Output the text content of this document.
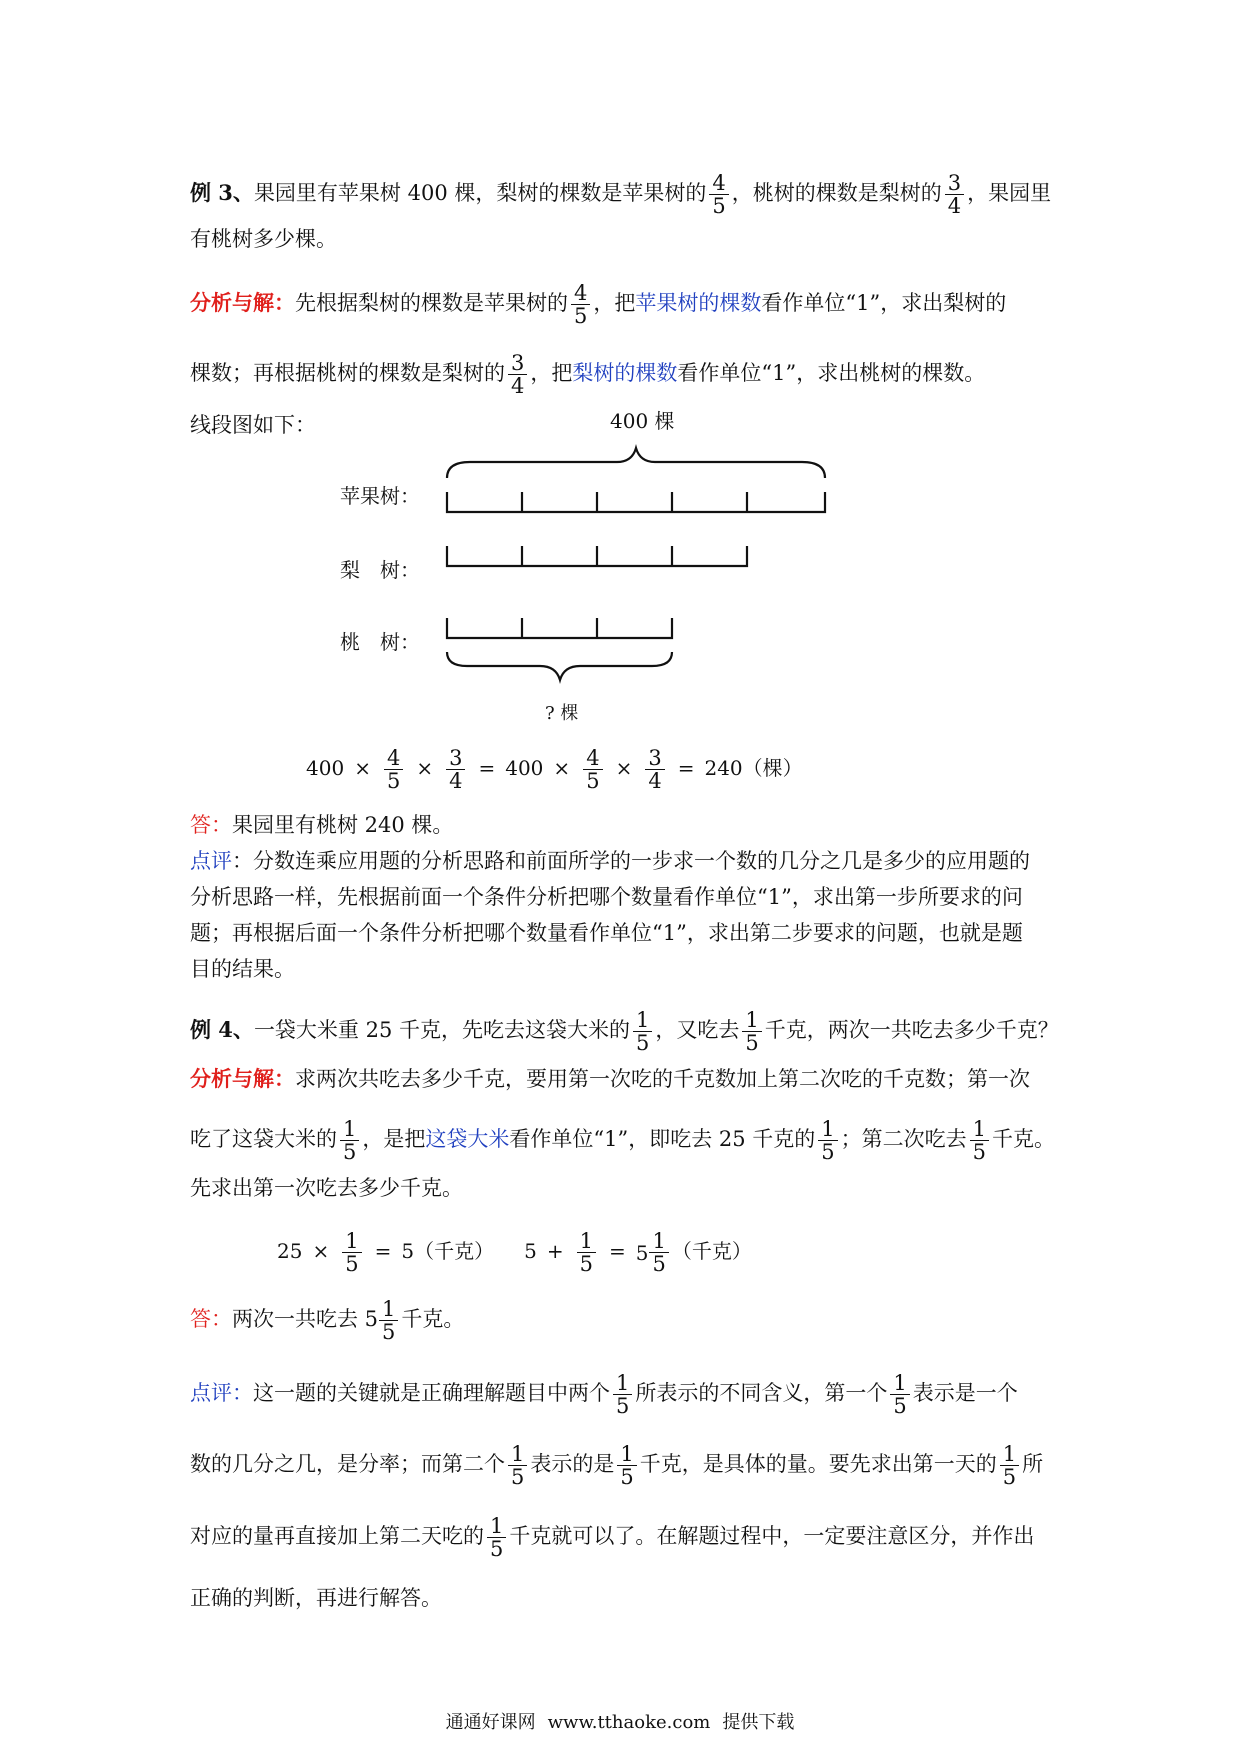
例 3、果园里有苹果树 400 棵，梨树的棵数是苹果树的 $\frac{4}{5}$ ，桃树的棵数是梨树的 $\frac{3}{4}$ ，果园里
有桃树多少棵。
分析与解：先根据梨树的棵数是苹果树的 $\frac{4}{5}$ ，把苹果树的棵数看作单位“1”，求出梨树的
棵数；再根据桃树的棵数是梨树的 $\frac{3}{4}$ ，把梨树的棵数看作单位“1”，求出桃树的棵数。
线段图如下：	400 棵
苹果树：
梨　树：
桃　树：
? 棵
$400 \times \frac{4}{5} \times \frac{3}{4} = 400 \times \frac{4}{5} \times \frac{3}{4} = 240$（棵）
答：果园里有桃树 240 棵。
点评：分数连乘应用题的分析思路和前面所学的一步求一个数的几分之几是多少的应用题的
分析思路一样，先根据前面一个条件分析把哪个数量看作单位“1”，求出第一步所要求的问
题；再根据后面一个条件分析把哪个数量看作单位“1”，求出第二步要求的问题，也就是题
目的结果。
例 4、一袋大米重 25 千克，先吃去这袋大米的 $\frac{1}{5}$ ，又吃去 $\frac{1}{5}$ 千克，两次一共吃去多少千克？
分析与解：求两次共吃去多少千克，要用第一次吃的千克数加上第二次吃的千克数；第一次
吃了这袋大米的 $\frac{1}{5}$ ，是把这袋大米看作单位“1”，即吃去 25 千克的 $\frac{1}{5}$ ；第二次吃去 $\frac{1}{5}$ 千克。
先求出第一次吃去多少千克。
$25 \times \frac{1}{5} = 5$（千克） $5 + \frac{1}{5} = 5 \frac{1}{5}$ （千克）
答：两次一共吃去 $5 \frac{1}{5}$ 千克。
点评：这一题的关键就是正确理解题目中两个 $\frac{1}{5}$ 所表示的不同含义，第一个 $\frac{1}{5}$ 表示是一个
数的几分之几，是分率；而第二个 $\frac{1}{5}$ 表示的是 $\frac{1}{5}$ 千克，是具体的量。要先求出第一天的 $\frac{1}{5}$ 所
对应的量再直接加上第二天吃的 $\frac{1}{5}$ 千克就可以了。在解题过程中，一定要注意区分，并作出
正确的判断，再进行解答。
通通好课网 www.tthaoke.com 提供下载
